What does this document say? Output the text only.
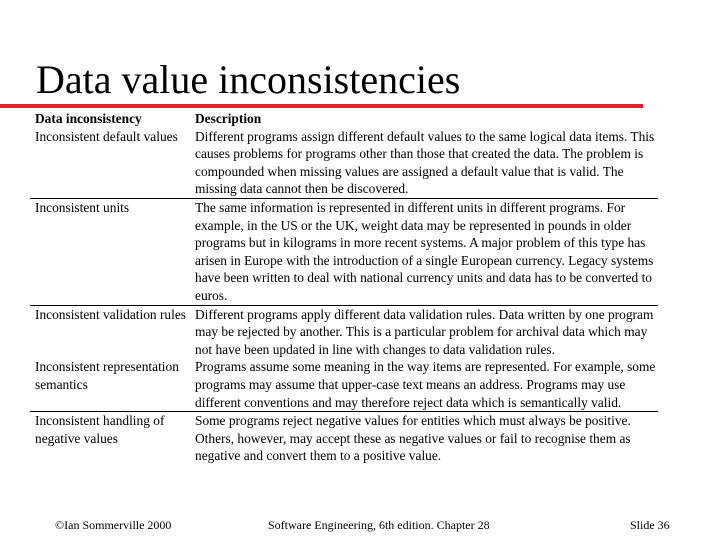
Data value inconsistencies
Data inconsistency	Description
Inconsistent default values	Different programs assign different default values to the same logical data items. This causes problems for programs other than those that created the data. The problem is compounded when missing values are assigned a default value that is valid. The missing data cannot then be discovered.
Inconsistent units	The same information is represented in different units in different programs. For example, in the US or the UK, weight data may be represented in pounds in older programs but in kilograms in more recent systems. A major problem of this type has arisen in Europe with the introduction of a single European currency. Legacy systems have been written to deal with national currency units and data has to be converted to euros.
Inconsistent validation rules	Different programs apply different data validation rules. Data written by one program may be rejected by another. This is a particular problem for archival data which may not have been updated in line with changes to data validation rules.
Inconsistent representation semantics	Programs assume some meaning in the way items are represented. For example, some programs may assume that upper-case text means an address. Programs may use different conventions and may therefore reject data which is semantically valid.
Inconsistent handling of negative values	Some programs reject negative values for entities which must always be positive. Others, however, may accept these as negative values or fail to recognise them as negative and convert them to a positive value.
©Ian Sommerville 2000	Software Engineering, 6th edition. Chapter 28	Slide 36
